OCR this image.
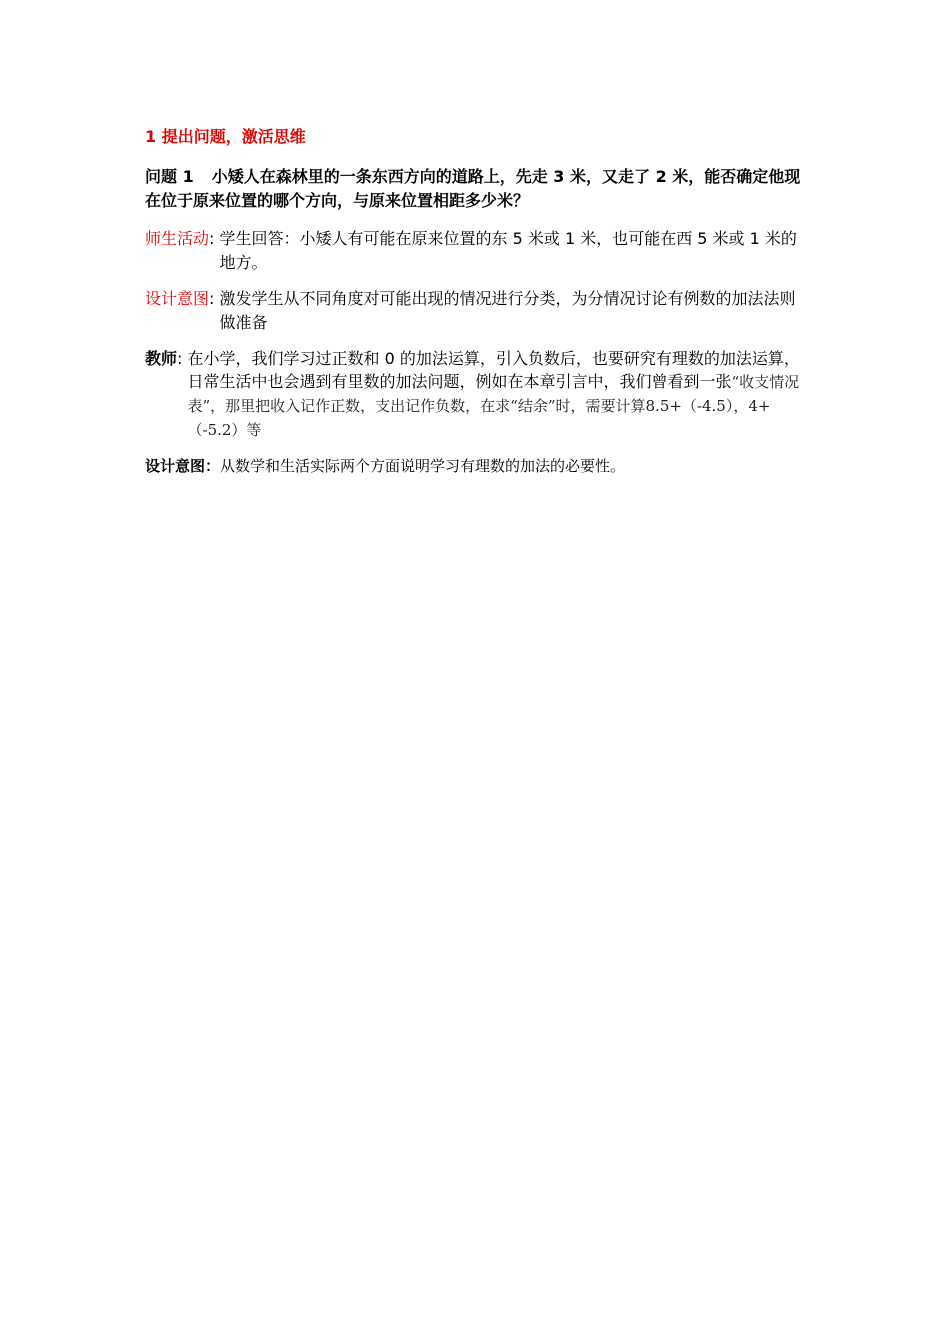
1 提出问题，激活思维
问题 1 小矮人在森林里的一条东西方向的道路上，先走 3 米，又走了 2 米，能否确定他现在位于原来位置的哪个方向，与原来位置相距多少米？
师生活动 : 学生回答：小矮人有可能在原来位置的东 5 米或 1 米，也可能在西 5 米或 1 米的地方。
设计意图 : 激发学生从不同角度对可能出现的情况进行分类，为分情况讨论有例数的加法法则做准备
教师 : 在小学，我们学习过正数和 0 的加法运算，引入负数后，也要研究有理数的加法运算，日常生活中也会遇到有里数的加法问题，例如在本章引言中，我们曾看到一张“收支情况表”，那里把收入记作正数，支出记作负数，在求“结余”时，需要计算8.5+（-4.5），4+（-5.2）等
设计意图：从数学和生活实际两个方面说明学习有理数的加法的必要性。
